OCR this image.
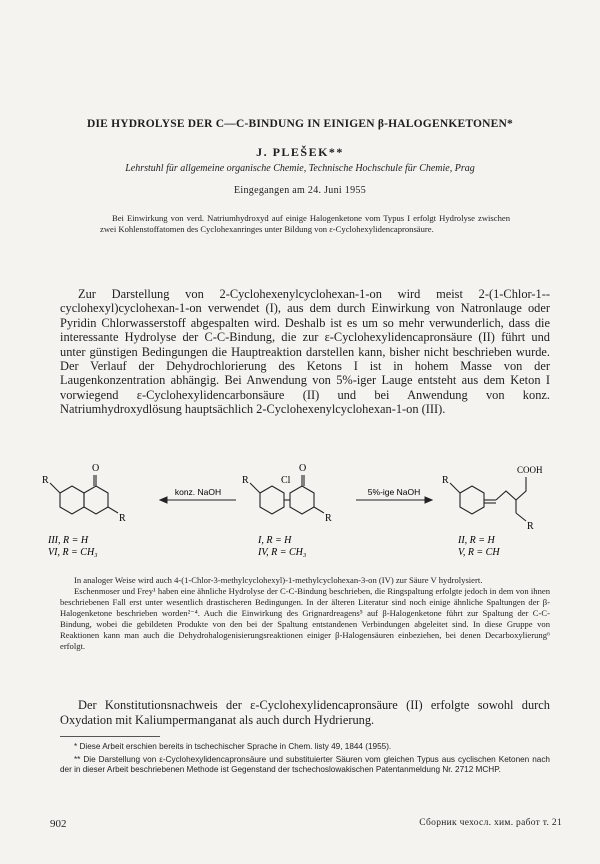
DIE HYDROLYSE DER C—C-BINDUNG IN EINIGEN β-HALOGENKETONEN*
J. PLEŠEK**
Lehrstuhl für allgemeine organische Chemie, Technische Hochschule für Chemie, Prag
Eingegangen am 24. Juni 1955
Bei Einwirkung von verd. Natriumhydroxyd auf einige Halogenketone vom Typus I erfolgt Hydrolyse zwischen zwei Kohlenstoffatomen des Cyclohexanringes unter Bildung von ε-Cyclohexylidencapronsäure.
Zur Darstellung von 2-Cyclohexenylcyclohexan-1-on wird meist 2-(1-Chlor-1--cyclohexyl)cyclohexan-1-on verwendet (I), aus dem durch Einwirkung von Natronlauge oder Pyridin Chlorwasserstoff abgespalten wird. Deshalb ist es um so mehr verwunderlich, dass die interessante Hydrolyse der C-C-Bindung, die zur ε-Cyclohexylidencapronsäure (II) führt und unter günstigen Bedingungen die Hauptreaktion darstellen kann, bisher nicht beschrieben wurde. Der Verlauf der Dehydrochlorierung des Ketons I ist in hohem Masse von der Laugenkonzentration abhängig. Bei Anwendung von 5%-iger Lauge entsteht aus dem Keton I vorwiegend ε-Cyclohexylidencarbonsäure (II) und bei Anwendung von konz. Natriumhydroxydlösung hauptsächlich 2-Cyclohexenylcyclohexan-1-on (III).
konz. NaOH	5%-ige NaOH
O	O
Cl
COOH
R
R
R
R
R
R
III, R = H
VI, R = CH₃
I, R = H
IV, R = CH₃
II, R = H
V, R = CH

In analoger Weise wird auch 4-(1-Chlor-3-methylcyclohexyl)-1-methylcyclohexan-3-on (IV) zur Säure V hydrolysiert.

Eschenmoser und Frey¹ haben eine ähnliche Hydrolyse der C-C-Bindung beschrieben, die Ringspaltung erfolgte jedoch in dem von ihnen beschriebenen Fall erst unter wesentlich drastischeren Bedingungen. In der älteren Literatur sind noch einige ähnliche Spaltungen der β-Halogenketone beschrieben worden²⁻⁴. Auch die Einwirkung des Grignardreagens⁵ auf β-Halogenketone führt zur Spaltung der C-C-Bindung, wobei die gebildeten Produkte von den bei der Spaltung entstandenen Verbindungen abgeleitet sind. In diese Gruppe von Reaktionen kann man auch die Dehydrohalogenisierungsreaktionen einiger β-Halogensäuren einbeziehen, bei denen Decarboxylierung⁶ erfolgt.

Der Konstitutionsnachweis der ε-Cyclohexylidencapronsäure (II) erfolgte sowohl durch Oxydation mit Kaliumpermanganat als auch durch Hydrierung.

* Diese Arbeit erschien bereits in tschechischer Sprache in Chem. listy 49, 1844 (1955).

** Die Darstellung von ε-Cyclohexylidencapronsäure und substituierter Säuren vom gleichen Typus aus cyclischen Ketonen nach der in dieser Arbeit beschriebenen Methode ist Gegenstand der tschechoslowakischen Patentanmeldung Nr. 2712 MCHP.

902	Сборник чехосл. хим. работ т. 21
